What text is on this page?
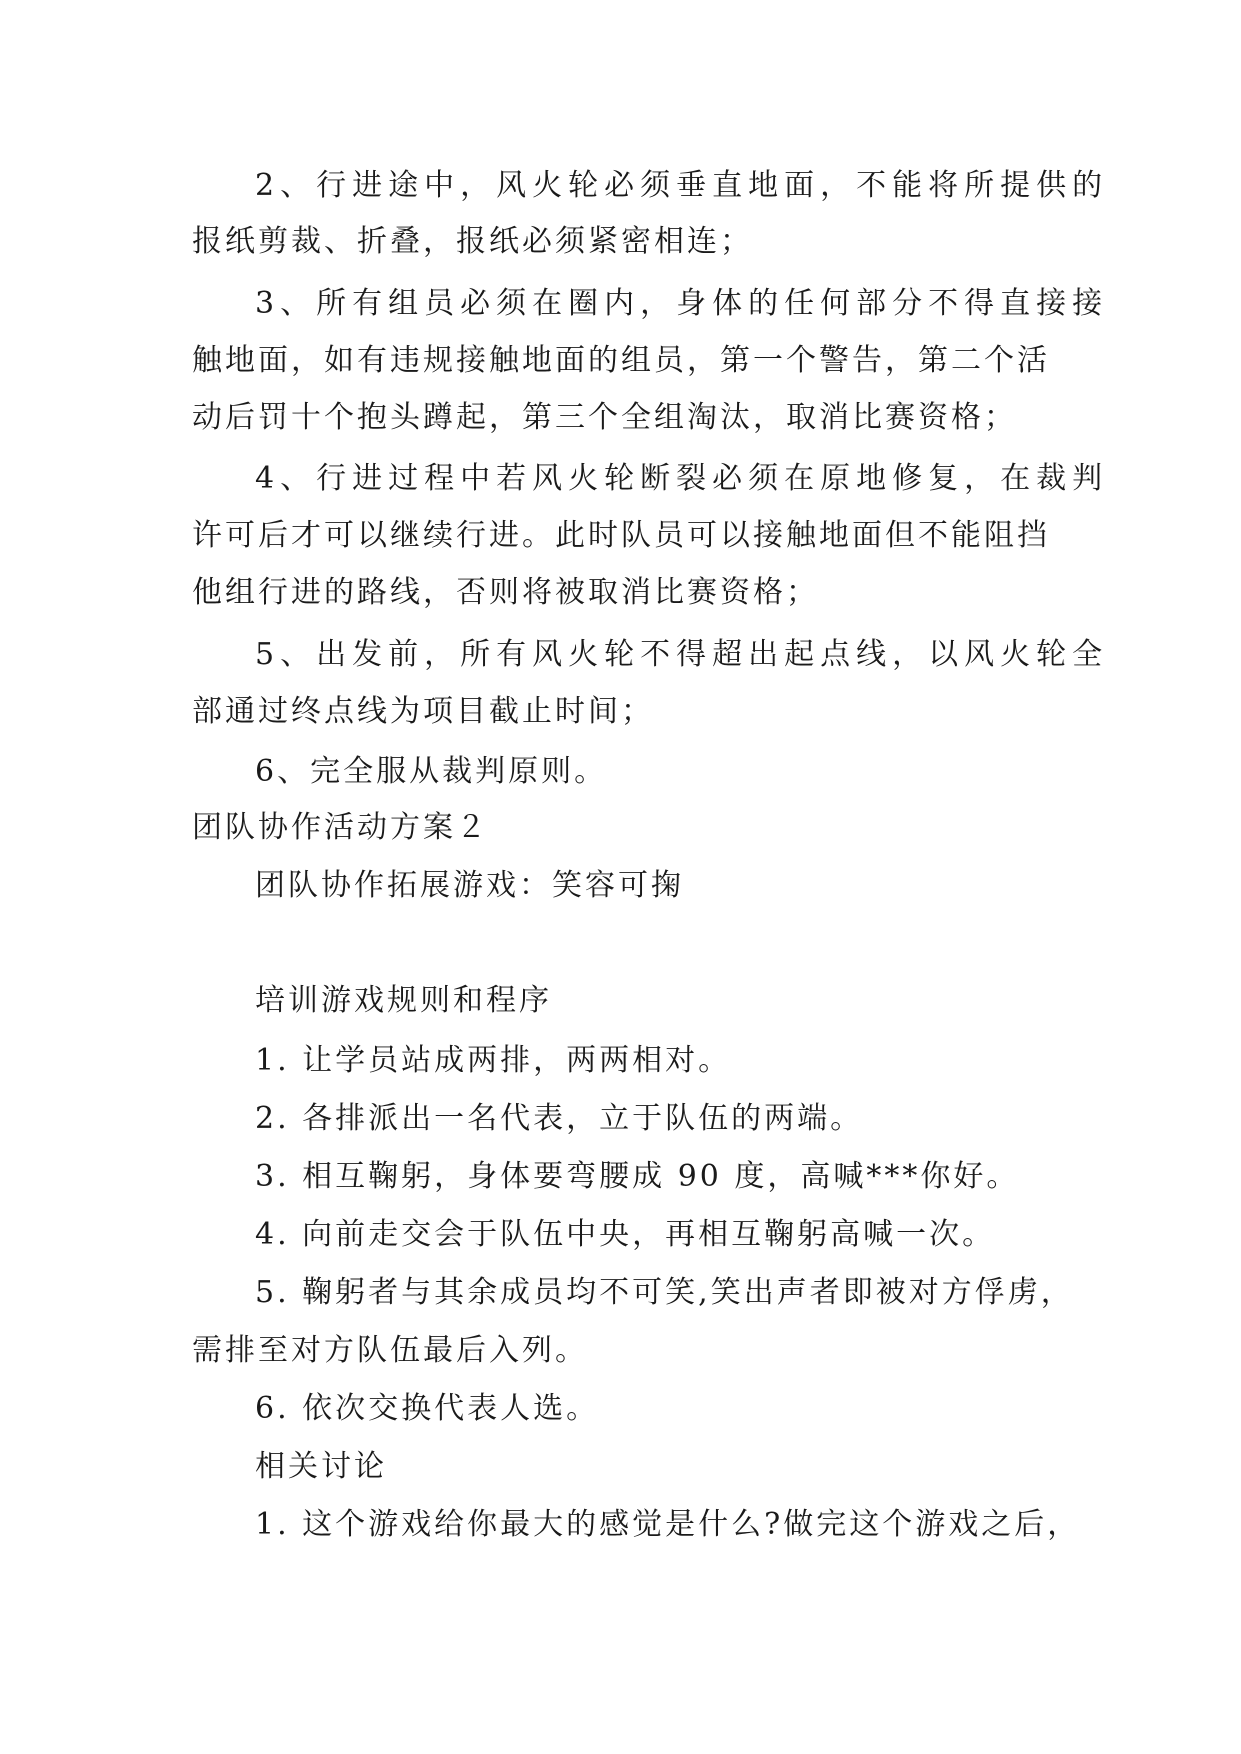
2、行进途中，风火轮必须垂直地面，不能将所提供的
报纸剪裁、折叠，报纸必须紧密相连；
3、所有组员必须在圈内，身体的任何部分不得直接接
触地面，如有违规接触地面的组员，第一个警告，第二个活
动后罚十个抱头蹲起，第三个全组淘汰，取消比赛资格；
4、行进过程中若风火轮断裂必须在原地修复，在裁判
许可后才可以继续行进。此时队员可以接触地面但不能阻挡
他组行进的路线，否则将被取消比赛资格；
5、出发前，所有风火轮不得超出起点线，以风火轮全
部通过终点线为项目截止时间；
6、完全服从裁判原则。
团队协作活动方案２
团队协作拓展游戏：笑容可掬
培训游戏规则和程序
1. 让学员站成两排，两两相对。
2. 各排派出一名代表，立于队伍的两端。
3. 相互鞠躬，身体要弯腰成 90 度，高喊***你好。
4. 向前走交会于队伍中央，再相互鞠躬高喊一次。
5. 鞠躬者与其余成员均不可笑,笑出声者即被对方俘虏，
需排至对方队伍最后入列。
6. 依次交换代表人选。
相关讨论
1. 这个游戏给你最大的感觉是什么?做完这个游戏之后，
